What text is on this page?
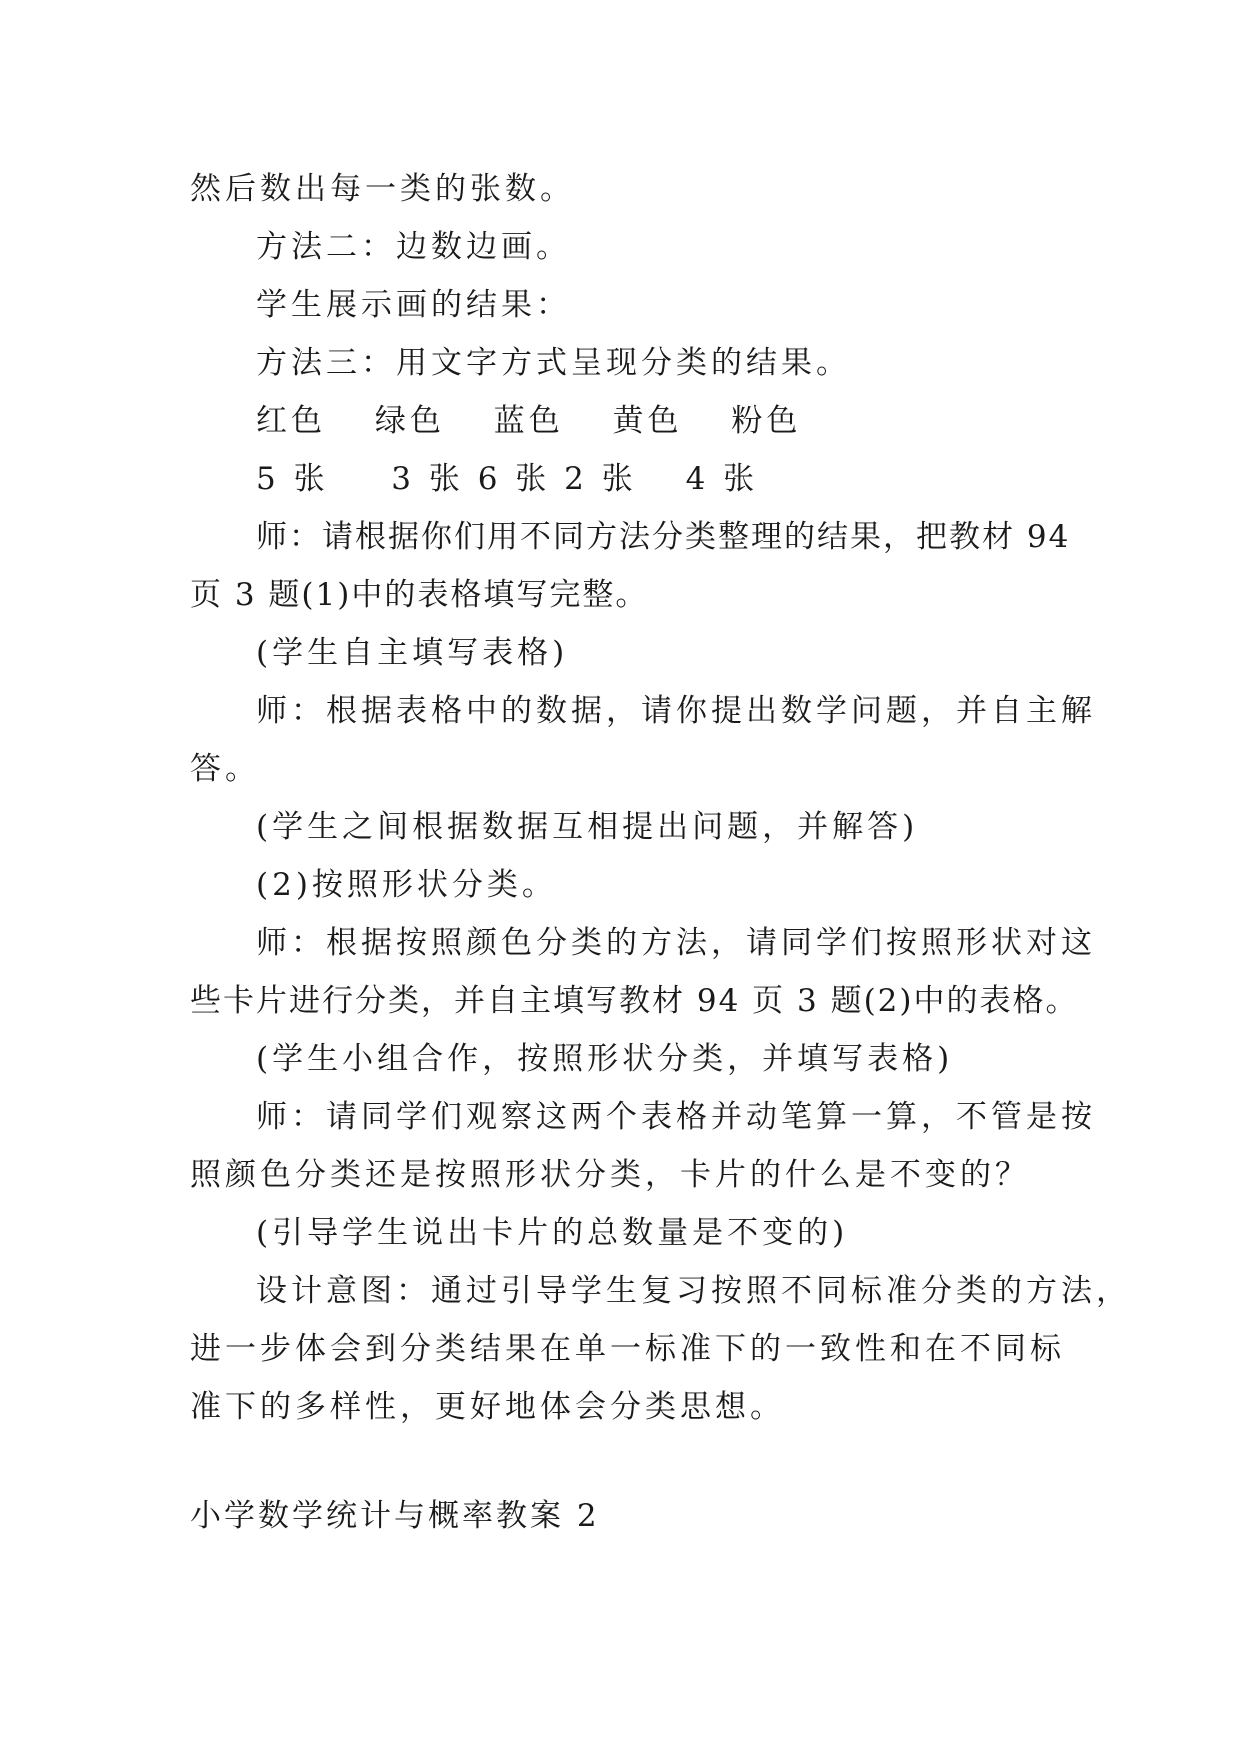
然后数出每一类的张数。
方法二：边数边画。
学生展示画的结果：
方法三：用文字方式呈现分类的结果。
红色　 绿色 　蓝色 　黄色 　粉色
5 张 　 3 张 6 张 2 张 　4 张
师：请根据你们用不同方法分类整理的结果，把教材 94
页 3 题(1)中的表格填写完整。
(学生自主填写表格)
师：根据表格中的数据，请你提出数学问题，并自主解
答。
(学生之间根据数据互相提出问题，并解答)
(2)按照形状分类。
师：根据按照颜色分类的方法，请同学们按照形状对这
些卡片进行分类，并自主填写教材 94 页 3 题(2)中的表格。
(学生小组合作，按照形状分类，并填写表格)
师：请同学们观察这两个表格并动笔算一算，不管是按
照颜色分类还是按照形状分类，卡片的什么是不变的？
(引导学生说出卡片的总数量是不变的)
设计意图：通过引导学生复习按照不同标准分类的方法，
进一步体会到分类结果在单一标准下的一致性和在不同标
准下的多样性，更好地体会分类思想。
小学数学统计与概率教案 2
